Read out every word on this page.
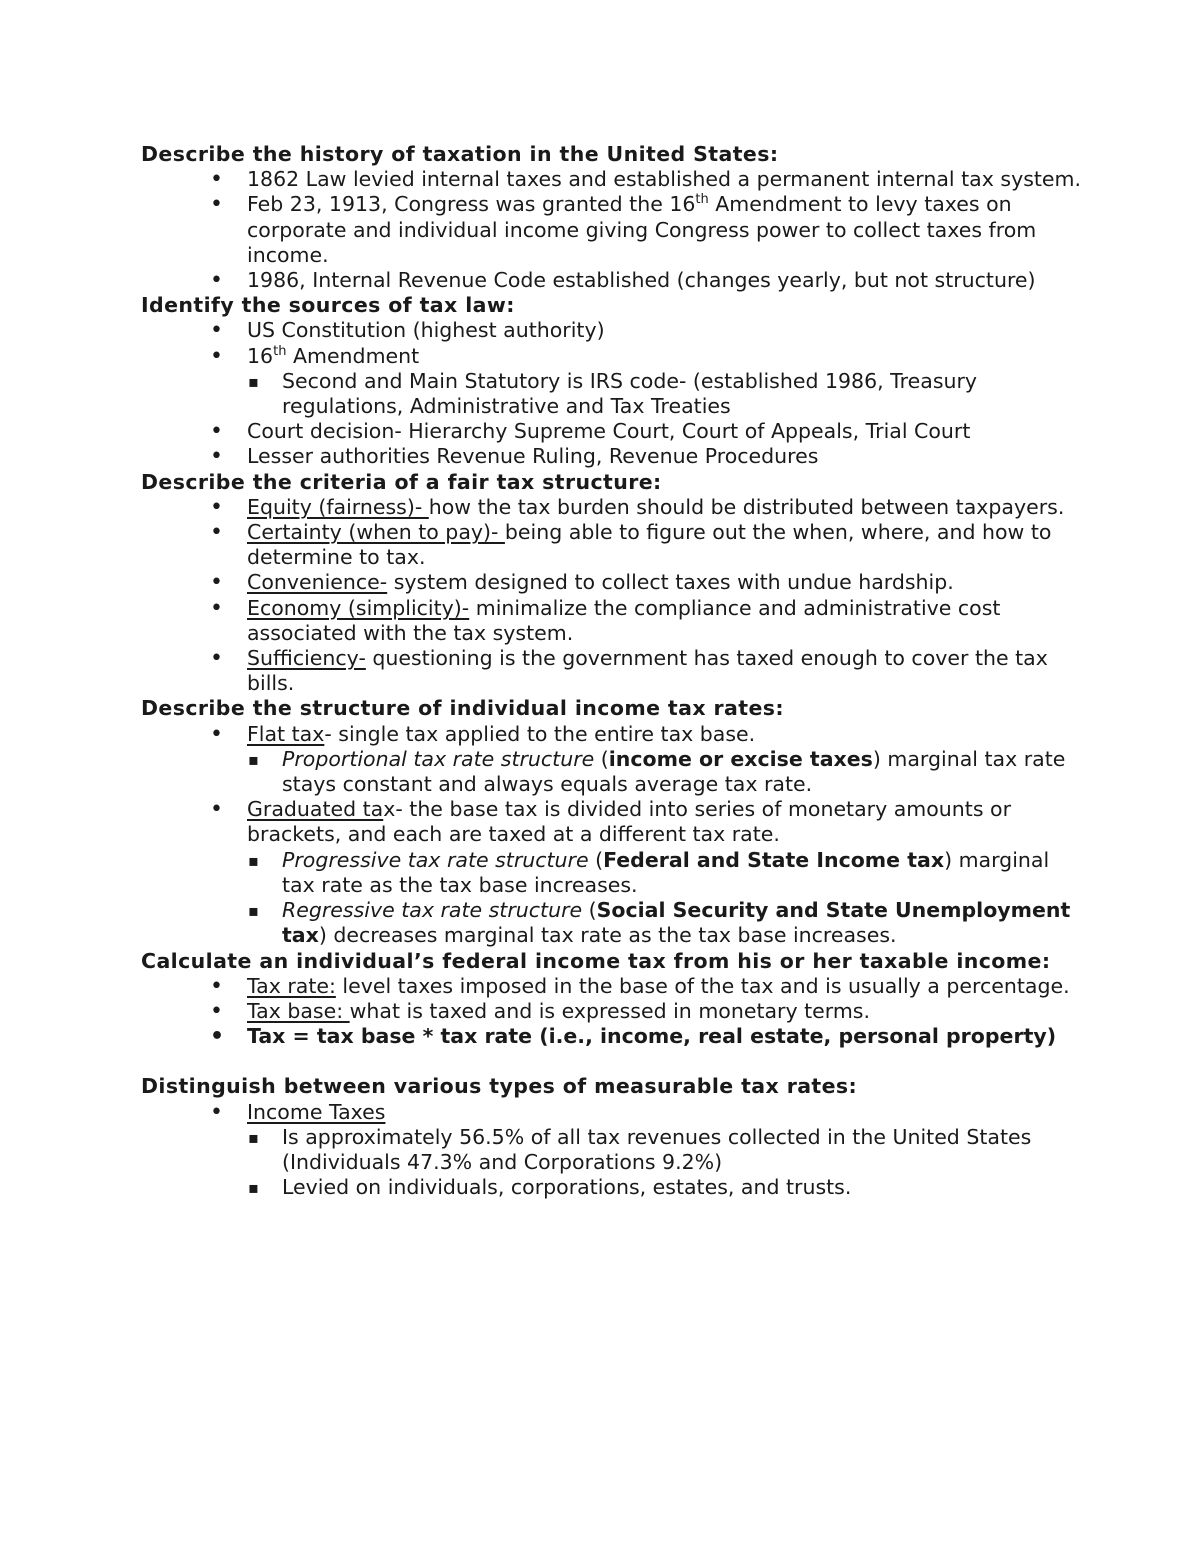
Describe the history of taxation in the United States:

• 1862 Law levied internal taxes and established a permanent internal tax system.
• Feb 23, 1913, Congress was granted the 16th Amendment to levy taxes on corporate and individual income giving Congress power to collect taxes from income.
• 1986, Internal Revenue Code established (changes yearly, but not structure)

Identify the sources of tax law:

• US Constitution (highest authority)
• 16th Amendment
▪ Second and Main Statutory is IRS code- (established 1986, Treasury regulations, Administrative and Tax Treaties
• Court decision- Hierarchy Supreme Court, Court of Appeals, Trial Court
• Lesser authorities Revenue Ruling, Revenue Procedures

Describe the criteria of a fair tax structure:

• Equity (fairness)- how the tax burden should be distributed between taxpayers.
• Certainty (when to pay)- being able to figure out the when, where, and how to determine to tax.
• Convenience- system designed to collect taxes with undue hardship.
• Economy (simplicity)- minimalize the compliance and administrative cost associated with the tax system.
• Sufficiency- questioning is the government has taxed enough to cover the tax bills.

Describe the structure of individual income tax rates:

• Flat tax- single tax applied to the entire tax base.
▪ Proportional tax rate structure (income or excise taxes) marginal tax rate stays constant and always equals average tax rate.
• Graduated tax- the base tax is divided into series of monetary amounts or brackets, and each are taxed at a different tax rate.
▪ Progressive tax rate structure (Federal and State Income tax) marginal tax rate as the tax base increases.
▪ Regressive tax rate structure (Social Security and State Unemployment tax) decreases marginal tax rate as the tax base increases.

Calculate an individual’s federal income tax from his or her taxable income:

• Tax rate: level taxes imposed in the base of the tax and is usually a percentage.
• Tax base: what is taxed and is expressed in monetary terms.
• Tax = tax base * tax rate (i.e., income, real estate, personal property)

Distinguish between various types of measurable tax rates:

• Income Taxes
▪ Is approximately 56.5% of all tax revenues collected in the United States (Individuals 47.3% and Corporations 9.2%)
▪ Levied on individuals, corporations, estates, and trusts.
